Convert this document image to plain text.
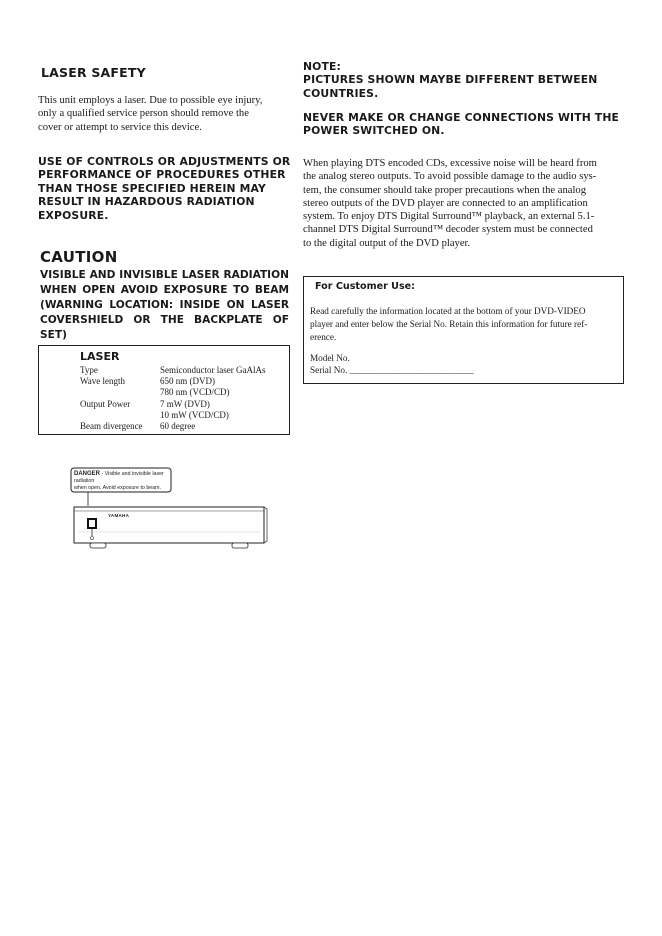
LASER SAFETY
This unit employs a laser. Due to possible eye injury,
only a qualified service person should remove the
cover or attempt to service this device.
USE OF CONTROLS OR ADJUSTMENTS OR
PERFORMANCE OF PROCEDURES OTHER
THAN THOSE SPECIFIED HEREIN MAY
RESULT IN HAZARDOUS RADIATION
EXPOSURE.
CAUTION
VISIBLE AND INVISIBLE LASER RADIATION WHEN OPEN AVOID EXPOSURE TO BEAM (WARNING LOCATION: INSIDE ON LASER COVERSHIELD OR THE BACKPLATE OF SET)
LASER
Type	Semiconductor laser GaAlAs
Wave length	650 nm (DVD)
780 nm (VCD/CD)
Output Power	7 mW (DVD)
10 mW (VCD/CD)
Beam divergence	60 degree
DANGER - Visible and invisible laser radiation
when open. Avoid exposure to beam.
YAMAHA
NOTE:
PICTURES SHOWN MAYBE DIFFERENT BETWEEN
COUNTRIES.
NEVER MAKE OR CHANGE CONNECTIONS WITH THE
POWER SWITCHED ON.
When playing DTS encoded CDs, excessive noise will be heard from
the analog stereo outputs. To avoid possible damage to the audio sys-
tem, the consumer should take proper precautions when the analog
stereo outputs of the DVD player are connected to an amplification
system. To enjoy DTS Digital Surround™ playback, an external 5.1-
channel DTS Digital Surround™ decoder system must be connected
to the digital output of the DVD player.
For Customer Use:
Read carefully the information located at the bottom of your DVD-VIDEO
player and enter below the Serial No. Retain this information for future ref-
erence.
Model No.
Serial No. ___________________________
